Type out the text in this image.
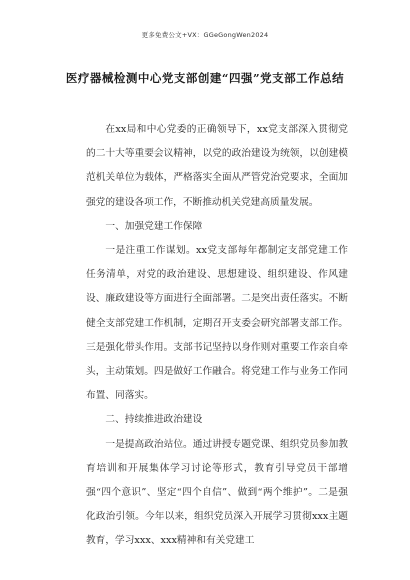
更多免费公文+VX：GGeGongWen2024
医疗器械检测中心党支部创建“四强”党支部工作总结

在xx局和中心党委的正确领导下，xx党支部深入贯彻党的二十大等重要会议精神，以党的政治建设为统领，以创建模范机关单位为载体，严格落实全面从严管党治党要求，全面加强党的建设各项工作，不断推动机关党建高质量发展。

一、加强党建工作保障

一是注重工作谋划。xx党支部每年都制定支部党建工作任务清单，对党的政治建设、思想建设、组织建设、作风建设、廉政建设等方面进行全面部署。二是突出责任落实。不断健全支部党建工作机制，定期召开支委会研究部署支部工作。三是强化带头作用。支部书记坚持以身作则对重要工作亲自牵头，主动策划。四是做好工作融合。将党建工作与业务工作同布置、同落实。

二、持续推进政治建设

一是提高政治站位。通过讲授专题党课、组织党员参加教育培训和开展集体学习讨论等形式，教育引导党员干部增强“四个意识”、坚定“四个自信”、做到“两个维护”。二是强化政治引领。今年以来，组织党员深入开展学习贯彻xxx主题教育，学习xxx、xxx精神和有关党建工
